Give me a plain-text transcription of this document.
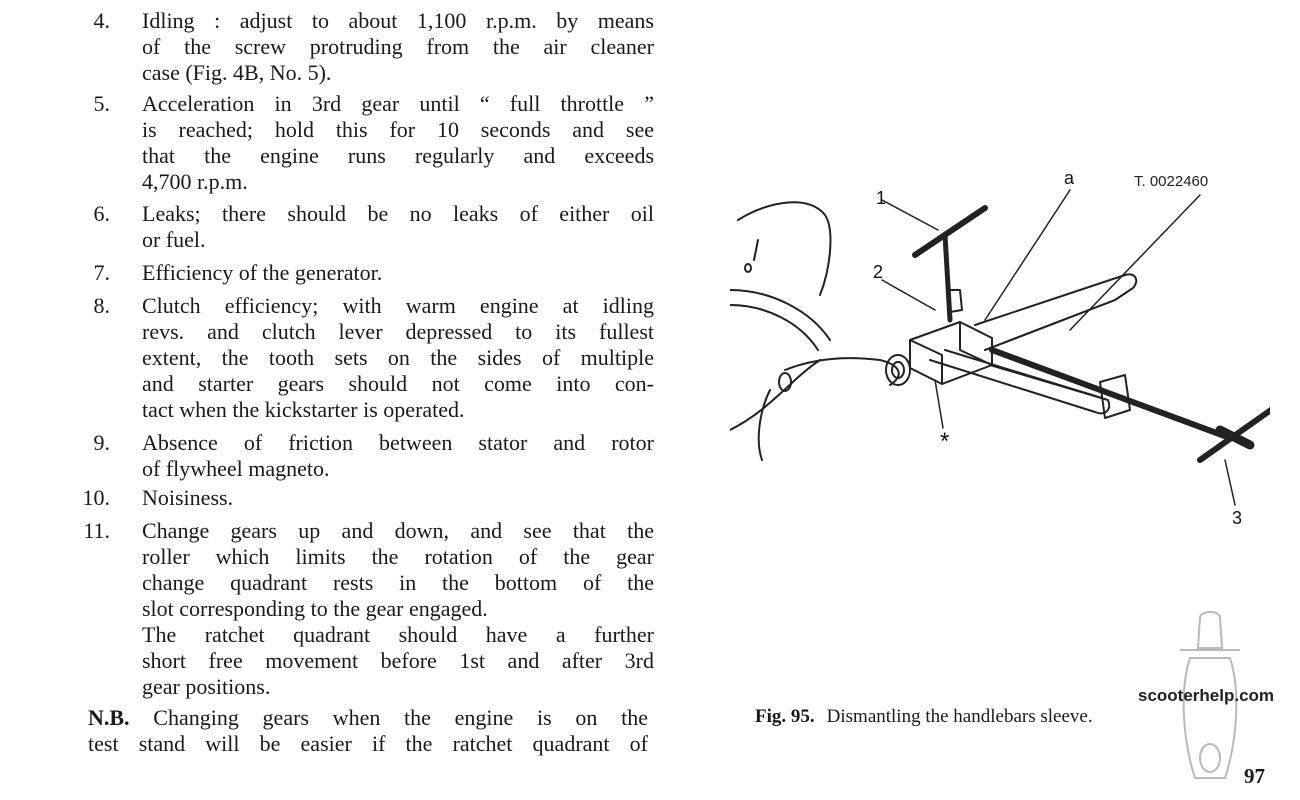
4. Idling : adjust to about 1,100 r.p.m. by means
of the screw protruding from the air cleaner
case (Fig. 4B, No. 5).
5. Acceleration in 3rd gear until “ full throttle ”
is reached; hold this for 10 seconds and see
that the engine runs regularly and exceeds
4,700 r.p.m.
6. Leaks; there should be no leaks of either oil
or fuel.
7. Efficiency of the generator.
8. Clutch efficiency; with warm engine at idling
revs. and clutch lever depressed to its fullest
extent, the tooth sets on the sides of multiple
and starter gears should not come into con-
tact when the kickstarter is operated.
9. Absence of friction between stator and rotor
of flywheel magneto.
10. Noisiness.
11. Change gears up and down, and see that the
roller which limits the rotation of the gear
change quadrant rests in the bottom of the
slot corresponding to the gear engaged.
The ratchet quadrant should have a further
short free movement before 1st and after 3rd
gear positions.
N.B. Changing gears when the engine is on the
test stand will be easier if the ratchet quadrant of
1
2
a
3
*
T. 0022460
Fig. 95. Dismantling the handlebars sleeve.
scooterhelp.com
97
